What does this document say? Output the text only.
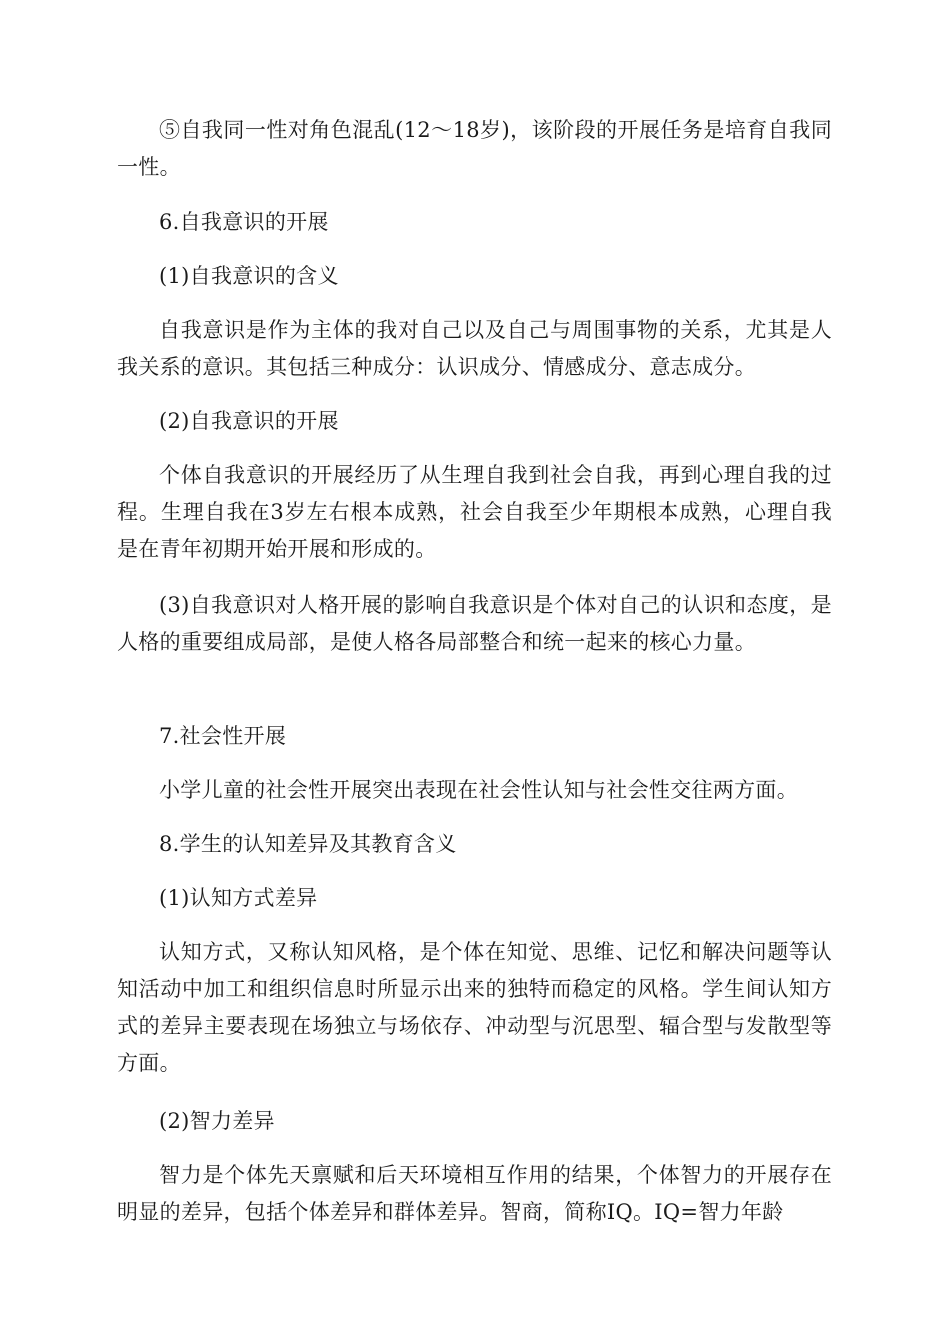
⑤自我同一性对角色混乱(12～18岁)，该阶段的开展任务是培育自我同一性。

6.自我意识的开展

(1)自我意识的含义

自我意识是作为主体的我对自己以及自己与周围事物的关系，尤其是人我关系的意识。其包括三种成分：认识成分、情感成分、意志成分。

(2)自我意识的开展

个体自我意识的开展经历了从生理自我到社会自我，再到心理自我的过程。生理自我在3岁左右根本成熟，社会自我至少年期根本成熟，心理自我是在青年初期开始开展和形成的。

(3)自我意识对人格开展的影响自我意识是个体对自己的认识和态度，是人格的重要组成局部，是使人格各局部整合和统一起来的核心力量。

7.社会性开展

小学儿童的社会性开展突出表现在社会性认知与社会性交往两方面。

8.学生的认知差异及其教育含义

(1)认知方式差异

认知方式，又称认知风格，是个体在知觉、思维、记忆和解决问题等认知活动中加工和组织信息时所显示出来的独特而稳定的风格。学生间认知方式的差异主要表现在场独立与场依存、冲动型与沉思型、辐合型与发散型等方面。

(2)智力差异

智力是个体先天禀赋和后天环境相互作用的结果，个体智力的开展存在明显的差异，包括个体差异和群体差异。智商，简称IQ。IQ=智力年龄
